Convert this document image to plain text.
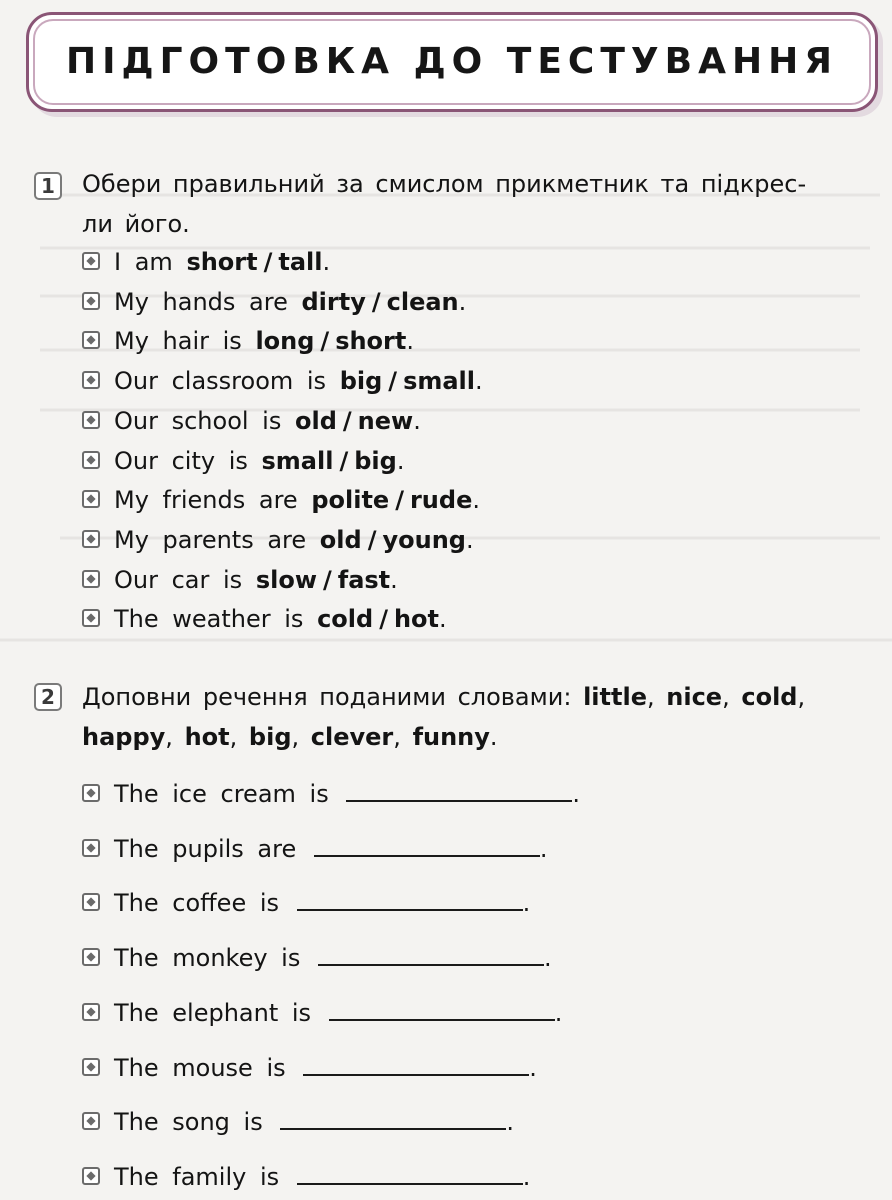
ПІДГОТОВКА ДО ТЕСТУВАННЯ
1 Обери правильний за смислом прикметник та підкрес-
ли його.
I am short / tall.
My hands are dirty / clean.
My hair is long / short.
Our classroom is big / small.
Our school is old / new.
Our city is small / big.
My friends are polite / rude.
My parents are old / young.
Our car is slow / fast.
The weather is cold / hot.
2 Доповни речення поданими словами: little, nice, cold, happy, hot, big, clever, funny.
The ice cream is	.
The pupils are	.
The coffee is	.
The monkey is	.
The elephant is	.
The mouse is	.
The song is	.
The family is	.
